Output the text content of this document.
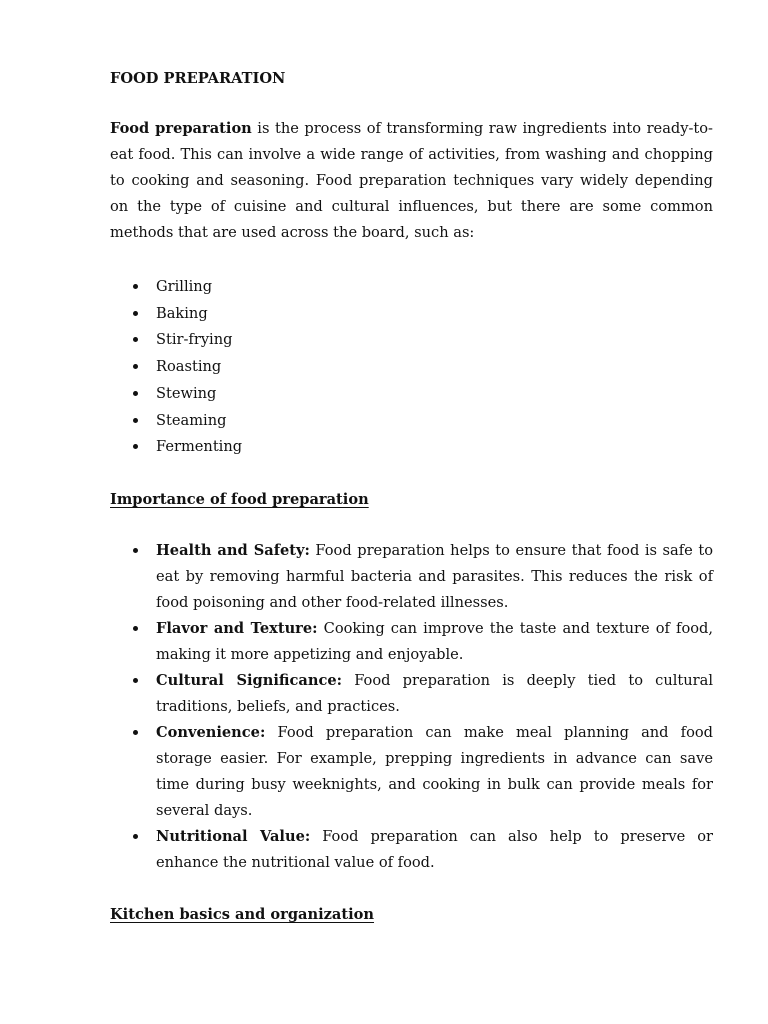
FOOD PREPARATION

Food preparation is the process of transforming raw ingredients into ready-to-eat food. This can involve a wide range of activities, from washing and chopping to cooking and seasoning. Food preparation techniques vary widely depending on the type of cuisine and cultural influences, but there are some common methods that are used across the board, such as:

Grilling
Baking
Stir-frying
Roasting
Stewing
Steaming
Fermenting

Importance of food preparation

Health and Safety: Food preparation helps to ensure that food is safe to eat by removing harmful bacteria and parasites. This reduces the risk of food poisoning and other food-related illnesses.
Flavor and Texture: Cooking can improve the taste and texture of food, making it more appetizing and enjoyable.
Cultural Significance: Food preparation is deeply tied to cultural traditions, beliefs, and practices.
Convenience: Food preparation can make meal planning and food storage easier. For example, prepping ingredients in advance can save time during busy weeknights, and cooking in bulk can provide meals for several days.
Nutritional Value: Food preparation can also help to preserve or enhance the nutritional value of food.

Kitchen basics and organization
